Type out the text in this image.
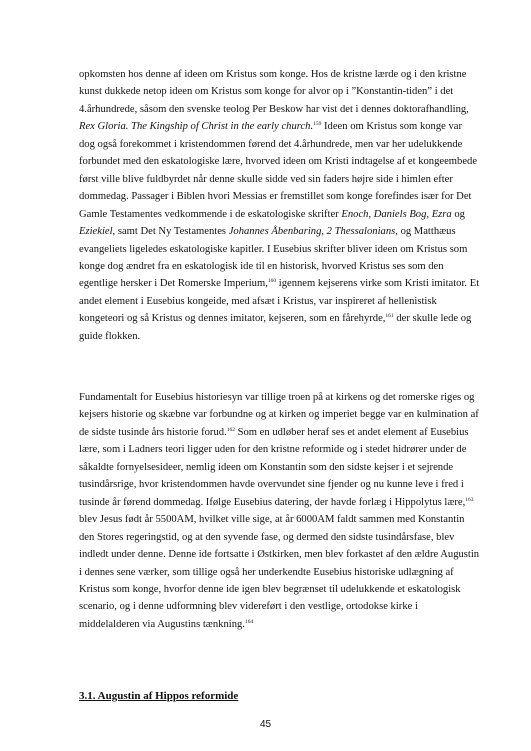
opkomsten hos denne af ideen om Kristus som konge. Hos de kristne lærde og i den kristne
kunst dukkede netop ideen om Kristus som konge for alvor op i ”Konstantin-tiden” i det
4.århundrede, såsom den svenske teolog Per Beskow har vist det i dennes doktorafhandling,
Rex Gloria. The Kingship of Christ in the early church.$^{159}$ Ideen om Kristus som konge var
dog også forekommet i kristendommen førend det 4.århundrede, men var her udelukkende
forbundet med den eskatologiske lære, hvorved ideen om Kristi indtagelse af et kongeembede
først ville blive fuldbyrdet når denne skulle sidde ved sin faders højre side i himlen efter
dommedag. Passager i Biblen hvori Messias er fremstillet som konge forefindes især for Det
Gamle Testamentes vedkommende i de eskatologiske skrifter Enoch, Daniels Bog, Ezra og
Eziekiel, samt Det Ny Testamentes Johannes Åbenbaring, 2 Thessalonians, og Matthæus
evangeliets ligeledes eskatologiske kapitler. I Eusebius skrifter bliver ideen om Kristus som
konge dog ændret fra en eskatologisk ide til en historisk, hvorved Kristus ses som den
egentlige hersker i Det Romerske Imperium,$^{160}$ igennem kejserens virke som Kristi imitator. Et
andet element i Eusebius kongeide, med afsæt i Kristus, var inspireret af hellenistisk
kongeteori og så Kristus og dennes imitator, kejseren, som en fårehyrde,$^{161}$ der skulle lede og
guide flokken.
Fundamentalt for Eusebius historiesyn var tillige troen på at kirkens og det romerske riges og
kejsers historie og skæbne var forbundne og at kirken og imperiet begge var en kulmination af
de sidste tusinde års historie forud.$^{162}$ Som en udløber heraf ses et andet element af Eusebius
lære, som i Ladners teori ligger uden for den kristne reformide og i stedet hidrører under de
såkaldte fornyelsesideer, nemlig ideen om Konstantin som den sidste kejser i et sejrende
tusindårsrige, hvor kristendommen havde overvundet sine fjender og nu kunne leve i fred i
tusinde år førend dommedag. Ifølge Eusebius datering, der havde forlæg i Hippolytus lære,$^{163}$
blev Jesus født år 5500AM, hvilket ville sige, at år 6000AM faldt sammen med Konstantin
den Stores regeringstid, og at den syvende fase, og dermed den sidste tusindårsfase, blev
indledt under denne. Denne ide fortsatte i Østkirken, men blev forkastet af den ældre Augustin
i dennes sene værker, som tillige også her underkendte Eusebius historiske udlægning af
Kristus som konge, hvorfor denne ide igen blev begrænset til udelukkende et eskatologisk
scenario, og i denne udformning blev videreført i den vestlige, ortodokse kirke i
middelalderen via Augustins tænkning.$^{164}$
3.1. Augustin af Hippos reformide
45
